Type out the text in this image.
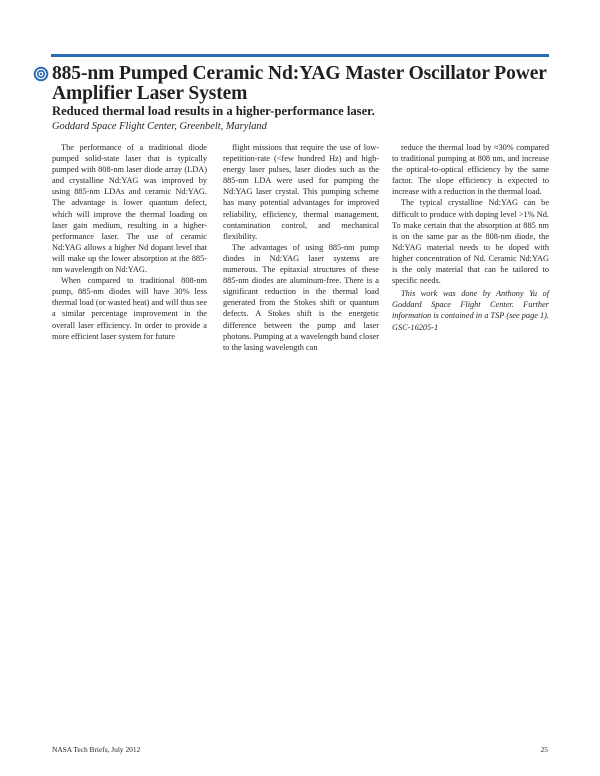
885-nm Pumped Ceramic Nd:YAG Master Oscillator Power
Amplifier Laser System

Reduced thermal load results in a higher-performance laser.

Goddard Space Flight Center, Greenbelt, Maryland

The performance of a traditional diode pumped solid-state laser that is typically pumped with 808-nm laser diode array (LDA) and crystalline Nd:YAG was improved by using 885-nm LDAs and ceramic Nd:YAG. The advantage is lower quantum defect, which will improve the thermal loading on laser gain medium, resulting in a higher-performance laser. The use of ceramic Nd:YAG allows a higher Nd dopant level that will make up the lower absorption at the 885-nm wavelength on Nd:YAG.

When compared to traditional 808-nm pump, 885-nm diodes will have 30% less thermal load (or wasted heat) and will thus see a similar percentage improvement in the overall laser efficiency. In order to provide a more efficient laser system for future

flight missions that require the use of low-repetition-rate (<few hundred Hz) and high-energy laser pulses, laser diodes such as the 885-nm LDA were used for pumping the Nd:YAG laser crystal. This pumping scheme has many potential advantages for improved reliability, efficiency, thermal management, contamination control, and mechanical flexibility.

The advantages of using 885-nm pump diodes in Nd:YAG laser systems are numerous. The epitaxial structures of these 885-nm diodes are aluminum-free. There is a significant reduction in the thermal load generated from the Stokes shift or quantum defects. A Stokes shift is the energetic difference between the pump and laser photons. Pumping at a wavelength band closer to the lasing wavelength can

reduce the thermal load by ≈30% compared to traditional pumping at 808 nm, and increase the optical-to-optical efficiency by the same factor. The slope efficiency is expected to increase with a reduction in the thermal load.

The typical crystalline Nd:YAG can be difficult to produce with doping level >1% Nd. To make certain that the absorption at 885 nm is on the same par as the 808-nm diode, the Nd:YAG material needs to be doped with higher concentration of Nd. Ceramic Nd:YAG is the only material that can be tailored to specific needs.

This work was done by Anthony Yu of Goddard Space Flight Center. Further information is contained in a TSP (see page 1). GSC-16205-1

NASA Tech Briefs, July 2012	25
